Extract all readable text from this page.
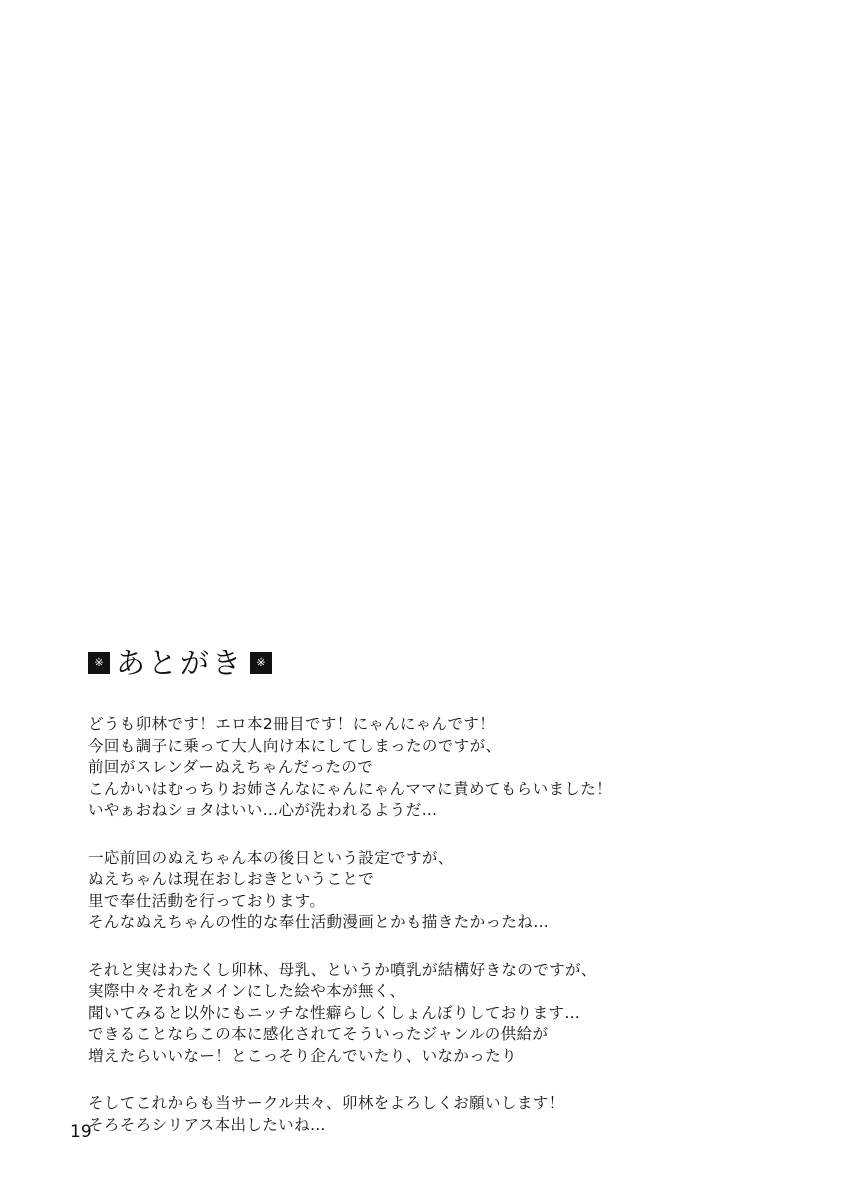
※ あとがき	※
どうも卯林です！エロ本2冊目です！にゃんにゃんです！
今回も調子に乗って大人向け本にしてしまったのですが、
前回がスレンダーぬえちゃんだったので
こんかいはむっちりお姉さんなにゃんにゃんママに責めてもらいました！
いやぁおねショタはいい…心が洗われるようだ…
一応前回のぬえちゃん本の後日という設定ですが、
ぬえちゃんは現在おしおきということで
里で奉仕活動を行っております。
そんなぬえちゃんの性的な奉仕活動漫画とかも描きたかったね…
それと実はわたくし卯林、母乳、というか噴乳が結構好きなのですが、
実際中々それをメインにした絵や本が無く、
聞いてみると以外にもニッチな性癖らしくしょんぼりしております…
できることならこの本に感化されてそういったジャンルの供給が
増えたらいいなー！とこっそり企んでいたり、いなかったり
そしてこれからも当サークル共々、卯林をよろしくお願いします！
そろそろシリアス本出したいね…
19
